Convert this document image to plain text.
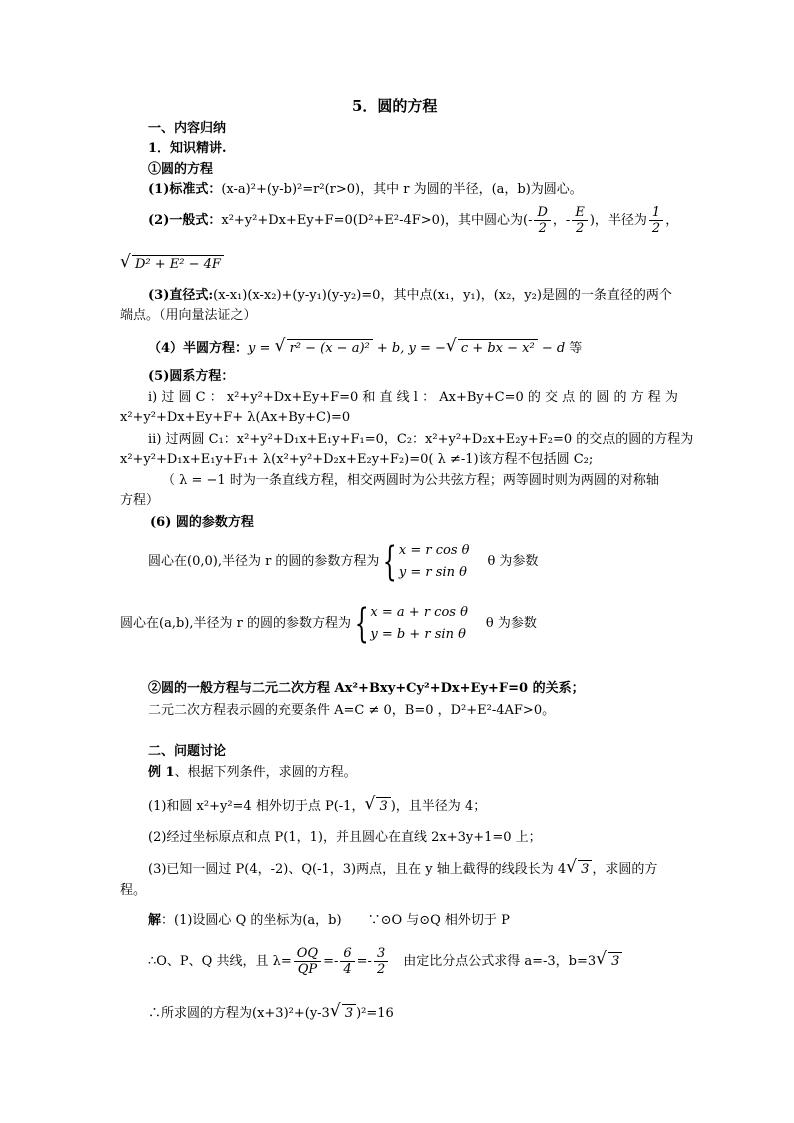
5．圆的方程
一、内容归纳
1．知识精讲.
①圆的方程
(1)标准式：(x-a)²+(y-b)²=r²(r>0)，其中 r 为圆的半径，(a，b)为圆心。
(2)一般式：x²+y²+Dx+Ey+F=0(D²+E²-4F>0)，其中圆心为(- $\frac{D}{2}$ ，- $\frac{E}{2}$ )，半径为 $\frac{1}{2}$ ，
√ D² + E² − 4F
(3)直径式:(x-x₁)(x-x₂)+(y-y₁)(y-y₂)=0，其中点(x₁，y₁)，(x₂，y₂)是圆的一条直径的两个
端点。（用向量法证之）
（4）半圆方程：y = √ r² − (x − a)² + b, y = − √ c + bx − x² − d 等
(5)圆系方程：
i) 过 圆 C ： x²+y²+Dx+Ey+F=0 和 直 线 l ： Ax+By+C=0 的 交 点 的 圆 的 方 程 为
x²+y²+Dx+Ey+F+ λ(Ax+By+C)=0
ii) 过两圆 C₁：x²+y²+D₁x+E₁y+F₁=0，C₂：x²+y²+D₂x+E₂y+F₂=0 的交点的圆的方程为
x²+y²+D₁x+E₁y+F₁+ λ(x²+y²+D₂x+E₂y+F₂)=0( λ ≠-1)该方程不包括圆 C₂;
（ λ = −1 时为一条直线方程，相交两圆时为公共弦方程；两等圆时则为两圆的对称轴
方程）
(6) 圆的参数方程
圆心在(0,0),半径为 r 的圆的参数方程为{ x = r cos θ
y = r sin θ
θ 为参数
圆心在(a,b),半径为 r 的圆的参数方程为{ x = a + r cos θ
y = b + r sin θ
θ 为参数
②圆的一般方程与二元二次方程 Ax²+Bxy+Cy²+Dx+Ey+F=0 的关系；
二元二次方程表示圆的充要条件 A=C ≠ 0，B=0 ，D²+E²-4AF>0。
二、问题讨论
例 1、根据下列条件，求圆的方程。
(1)和圆 x²+y²=4 相外切于点 P(-1， √ 3 )，且半径为 4；
(2)经过坐标原点和点 P(1，1)，并且圆心在直线 2x+3y+1=0 上；
(3)已知一圆过 P(4，-2)、Q(-1，3)两点，且在 y 轴上截得的线段长为 4 √ 3 ，求圆的方
程。
解：(1)设圆心 Q 的坐标为(a，b)　　∵⊙O 与⊙Q 相外切于 P
∴O、P、Q 共线，且 $\lambda= \frac{OQ}{QP} =- \frac{6}{4} =- \frac{3}{2}$ 　由定比分点公式求得 a=-3，b=3 √ 3
∴所求圆的方程为(x+3)²+(y-3 √ 3 )²=16
